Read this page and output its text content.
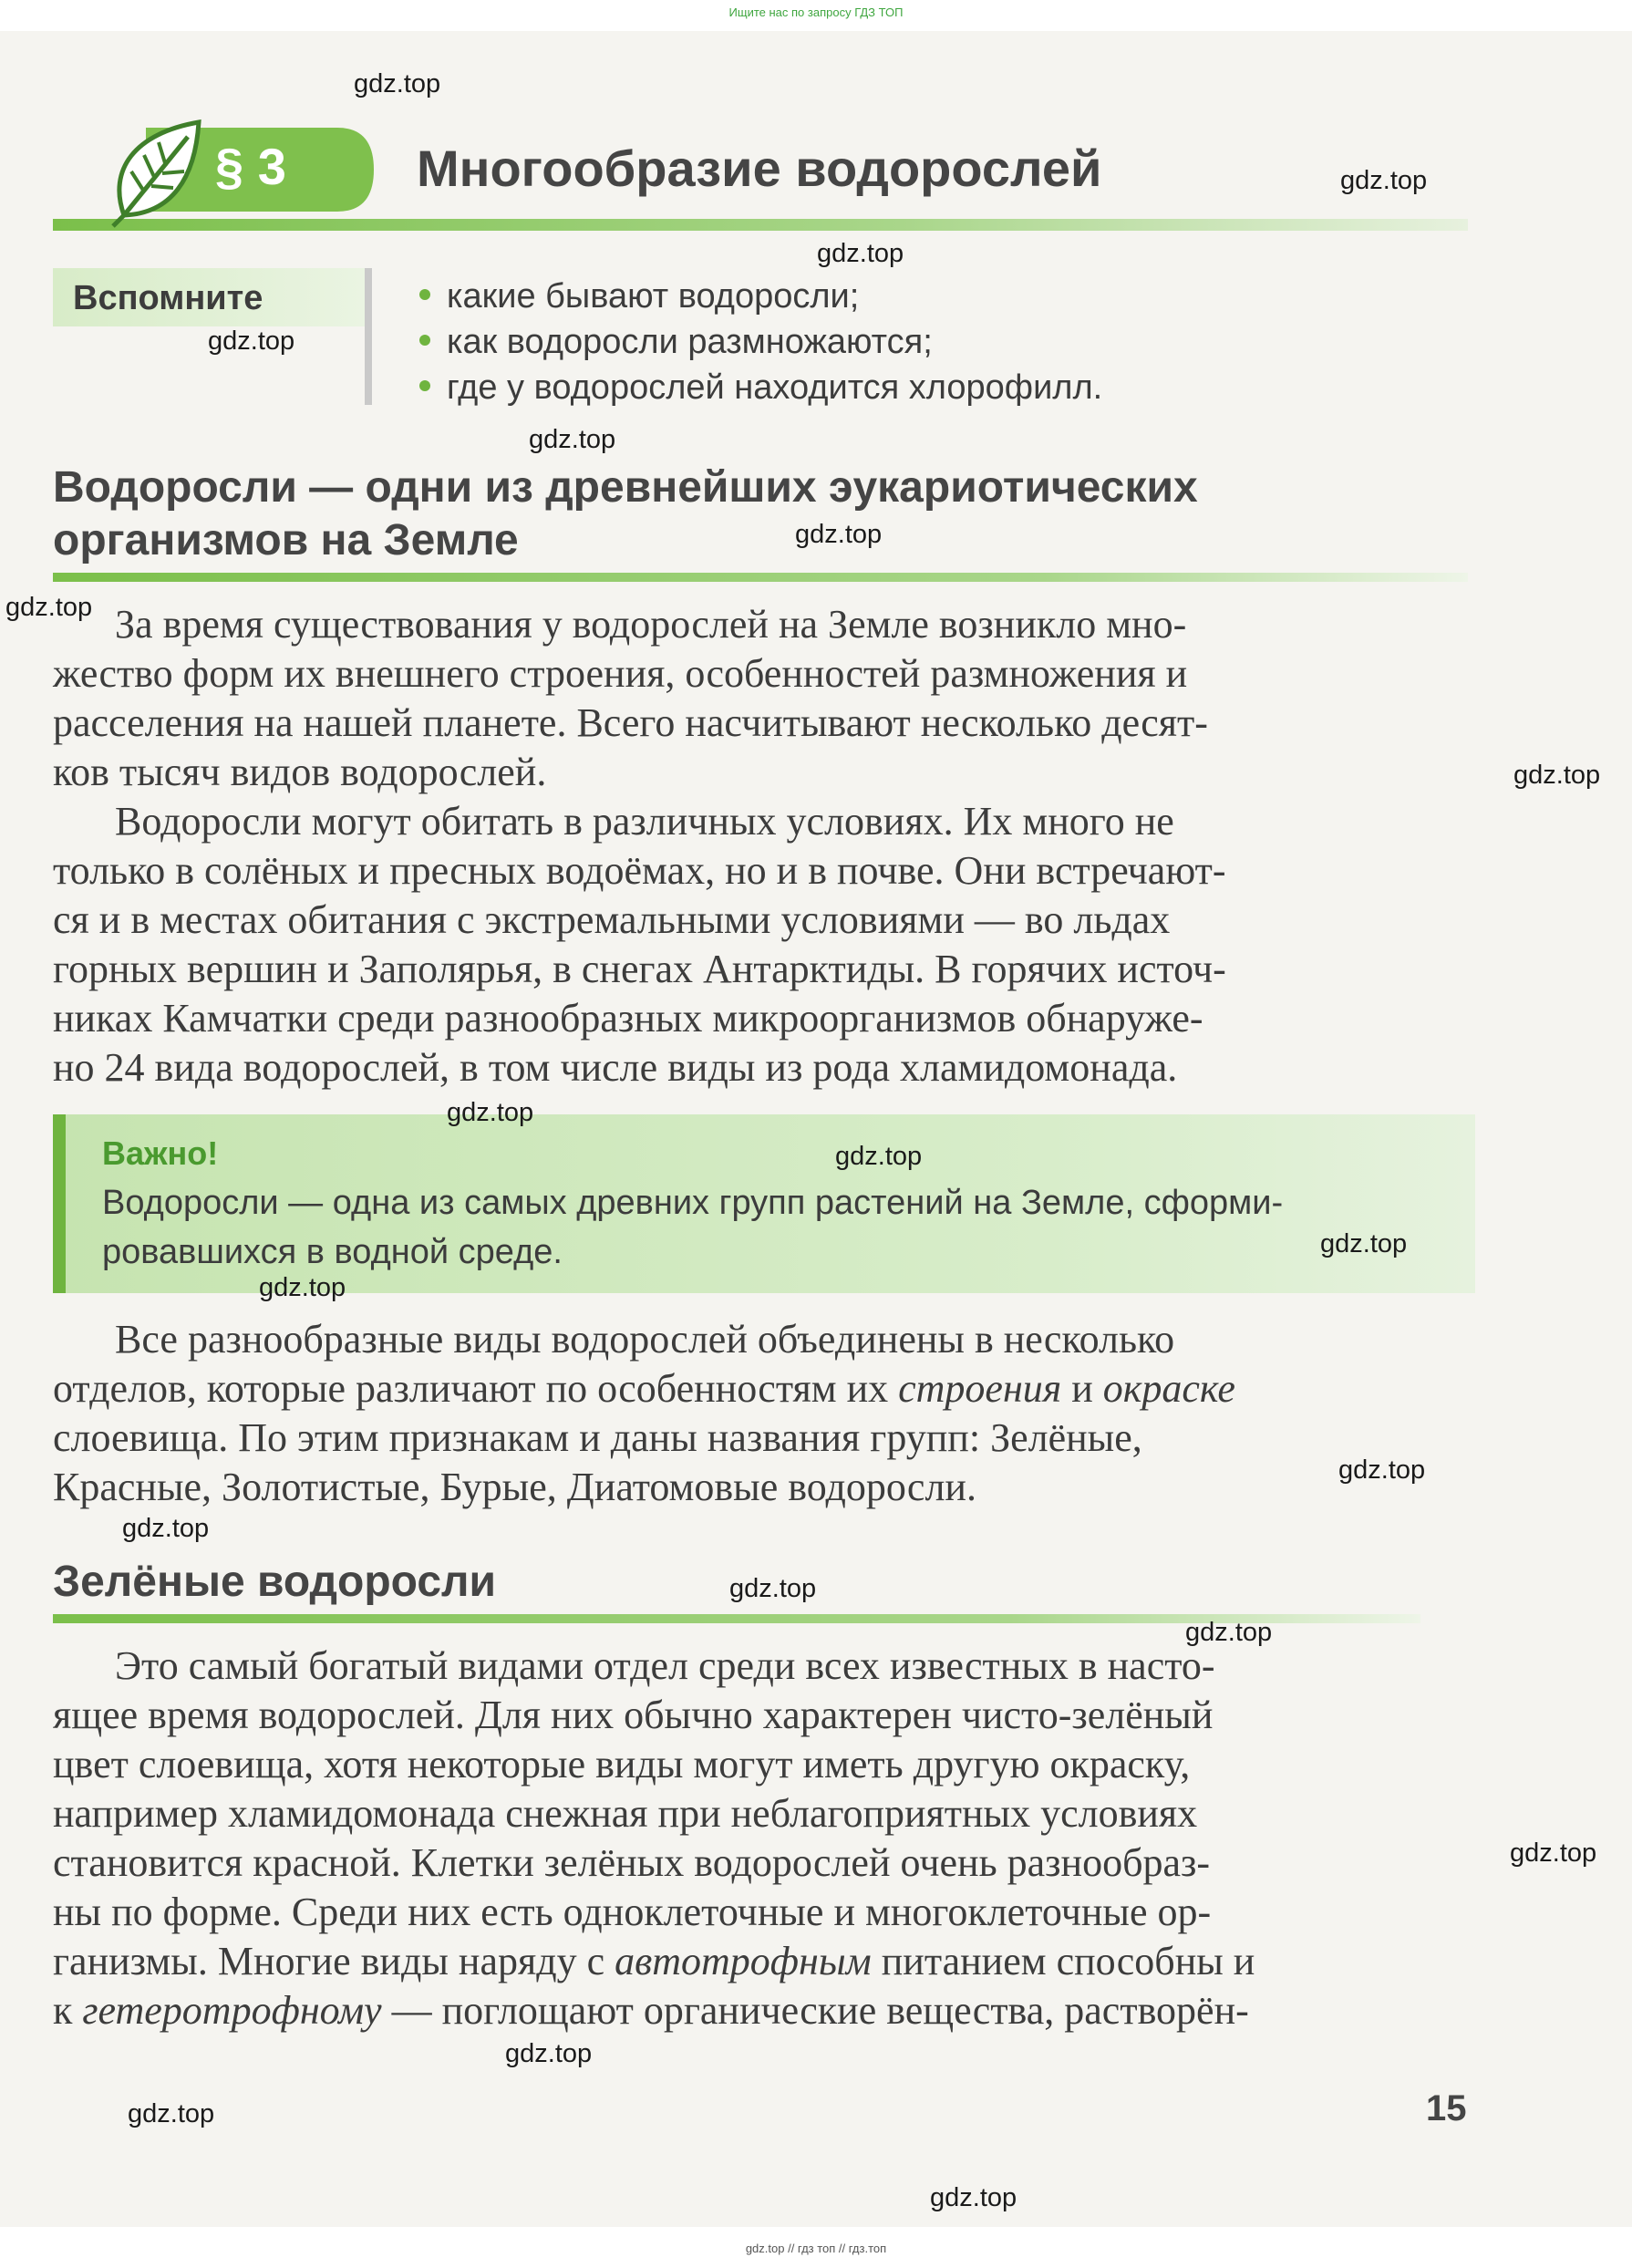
Ищите нас по запросу ГДЗ ТОП
§ 3	Многообразие водорослей
Вспомните	какие бывают водоросли;
как водоросли размножаются;
где у водорослей находится хлорофилл.
Водоросли — одни из древнейших эукариотических
организмов на Земле
За время существования у водорослей на Земле возникло мно-
жество форм их внешнего строения, особенностей размножения и
расселения на нашей планете. Всего насчитывают несколько десят-
ков тысяч видов водорослей.
Водоросли могут обитать в различных условиях. Их много не
только в солёных и пресных водоёмах, но и в почве. Они встречают-
ся и в местах обитания с экстремальными условиями — во льдах
горных вершин и Заполярья, в снегах Антарктиды. В горячих источ-
никах Камчатки среди разнообразных микроорганизмов обнаруже-
но 24 вида водорослей, в том числе виды из рода хламидомонада.
Важно!
Водоросли — одна из самых древних групп растений на Земле, сформи-
ровавшихся в водной среде.
Все разнообразные виды водорослей объединены в несколько
отделов, которые различают по особенностям их строения и окраске
слоевища. По этим признакам и даны названия групп: Зелёные,
Красные, Золотистые, Бурые, Диатомовые водоросли.
Зелёные водоросли
Это самый богатый видами отдел среди всех известных в насто-
ящее время водорослей. Для них обычно характерен чисто-зелёный
цвет слоевища, хотя некоторые виды могут иметь другую окраску,
например хламидомонада снежная при неблагоприятных условиях
становится красной. Клетки зелёных водорослей очень разнообраз-
ны по форме. Среди них есть одноклеточные и многоклеточные ор-
ганизмы. Многие виды наряду с автотрофным питанием способны и
к гетеротрофному — поглощают органические вещества, растворён-
15
gdz.top
gdz.top
gdz.top
gdz.top
gdz.top
gdz.top
gdz.top
gdz.top
gdz.top
gdz.top
gdz.top
gdz.top
gdz.top
gdz.top
gdz.top
gdz.top
gdz.top
gdz.top
gdz.top
gdz.top
gdz.top // гдз топ // гдз.топ
